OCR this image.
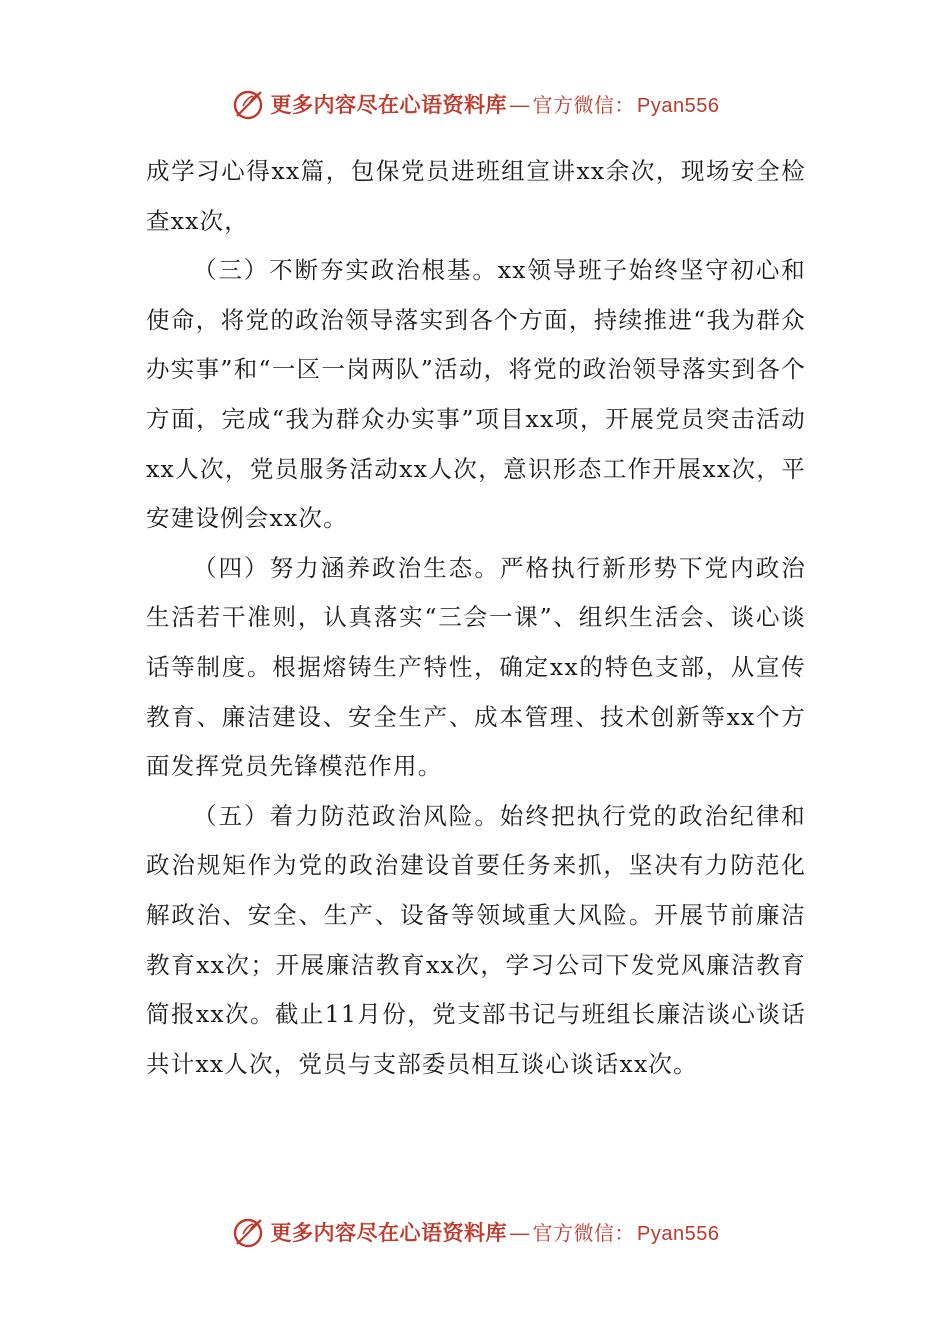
更多内容尽在心语资料库— 官方微信： Pyan556

成学习心得xx篇，包保党员进班组宣讲xx余次，现场安全检查xx次，

（三）不断夯实政治根基。xx领导班子始终坚守初心和使命，将党的政治领导落实到各个方面，持续推进“我为群众办实事”和“一区一岗两队”活动，将党的政治领导落实到各个方面，完成“我为群众办实事”项目xx项，开展党员突击活动xx人次，党员服务活动xx人次，意识形态工作开展xx次，平安建设例会xx次。

（四）努力涵养政治生态。严格执行新形势下党内政治生活若干准则，认真落实“三会一课”、组织生活会、谈心谈话等制度。根据熔铸生产特性，确定xx的特色支部，从宣传教育、廉洁建设、安全生产、成本管理、技术创新等xx个方面发挥党员先锋模范作用。

（五）着力防范政治风险。始终把执行党的政治纪律和政治规矩作为党的政治建设首要任务来抓，坚决有力防范化解政治、安全、生产、设备等领域重大风险。开展节前廉洁教育xx次；开展廉洁教育xx次，学习公司下发党风廉洁教育简报xx次。截止11月份，党支部书记与班组长廉洁谈心谈话共计xx人次，党员与支部委员相互谈心谈话xx次。

更多内容尽在心语资料库— 官方微信： Pyan556
